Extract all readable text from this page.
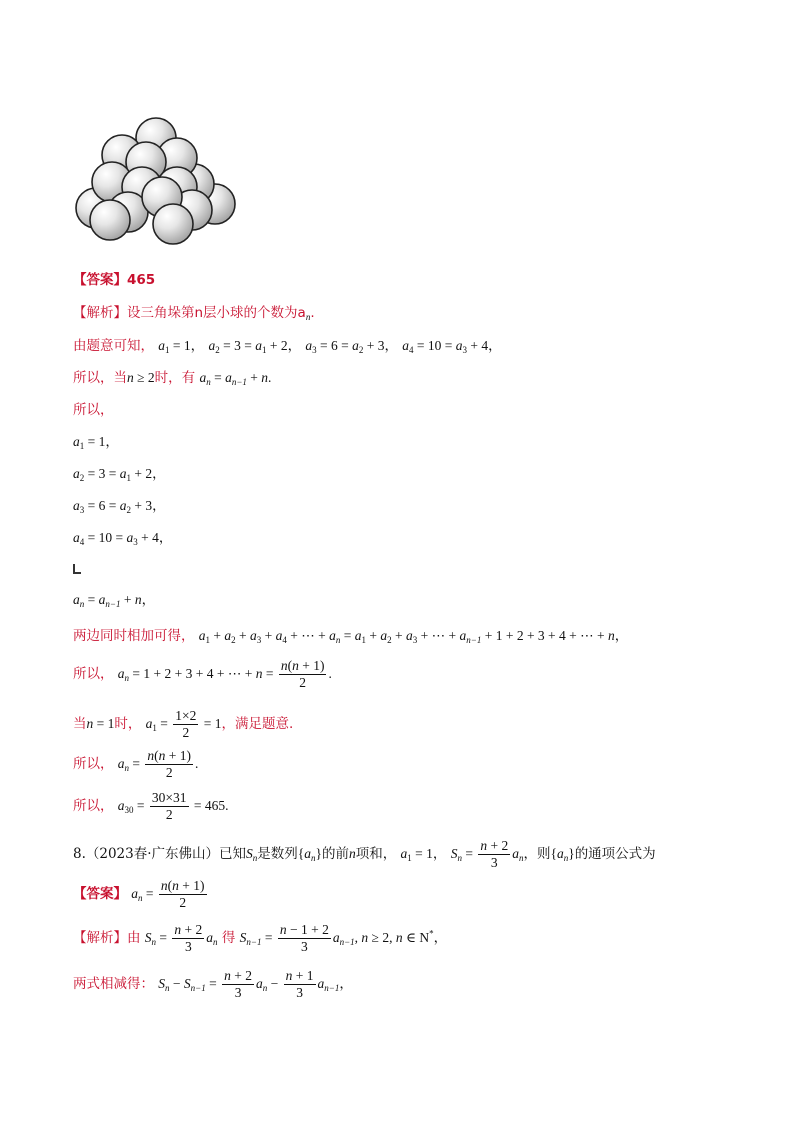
【答案】465
【解析】设三角垛第n层小球的个数为$a_n$.
由题意可知， $a_1 = 1$， $a_2 = 3 = a_1 + 2$， $a_3 = 6 = a_2 + 3$， $a_4 = 10 = a_3 + 4$，
所以，当n ≥ 2时，有 $a_n = a_{n-1} + n$.
所以，
$a_1 = 1$，
$a_2 = 3 = a_1 + 2$，
$a_3 = 6 = a_2 + 3$，
$a_4 = 10 = a_3 + 4$，
$a_n = a_{n-1} + n$，
两边同时相加可得， $a_1 + a_2 + a_3 + a_4$ + ⋯ + $a_n = a_1 + a_2 + a_3$ + ⋯ + $a_{n-1} + 1 + 2 + 3 + 4$ + ⋯ + n，
所以， $a_n = 1 + 2 + 3 + 4$ + ⋯ + $n = \frac{n(n + 1)}{2}$ .
当n = 1时， $a_1 = \frac{1\times 2}{2} = 1$，满足题意.
所以， $a_n = \frac{n(n + 1)}{2}$ .
所以， $a_{30} = \frac{30\times 31}{2} = 465$.
8.（2023春·广东佛山）已知$S_n$是数列$\{a_n\}$的前n项和， $a_1 = 1$， $S_n = \frac{n + 2}{3} a_n$，则$\{a_n\}$的通项公式为
【答案】 $a_n = \frac{n(n + 1)}{2}$
【解析】由 $S_n = \frac{n + 2}{3} a_n$ 得 $S_{n-1} = \frac{n - 1 + 2}{3} a_{n-1}$, n ≥ 2, n ∈ N*，
两式相减得： $S_n - S_{n-1} = \frac{n + 2}{3} a_n - \frac{n + 1}{3} a_{n-1}$，
